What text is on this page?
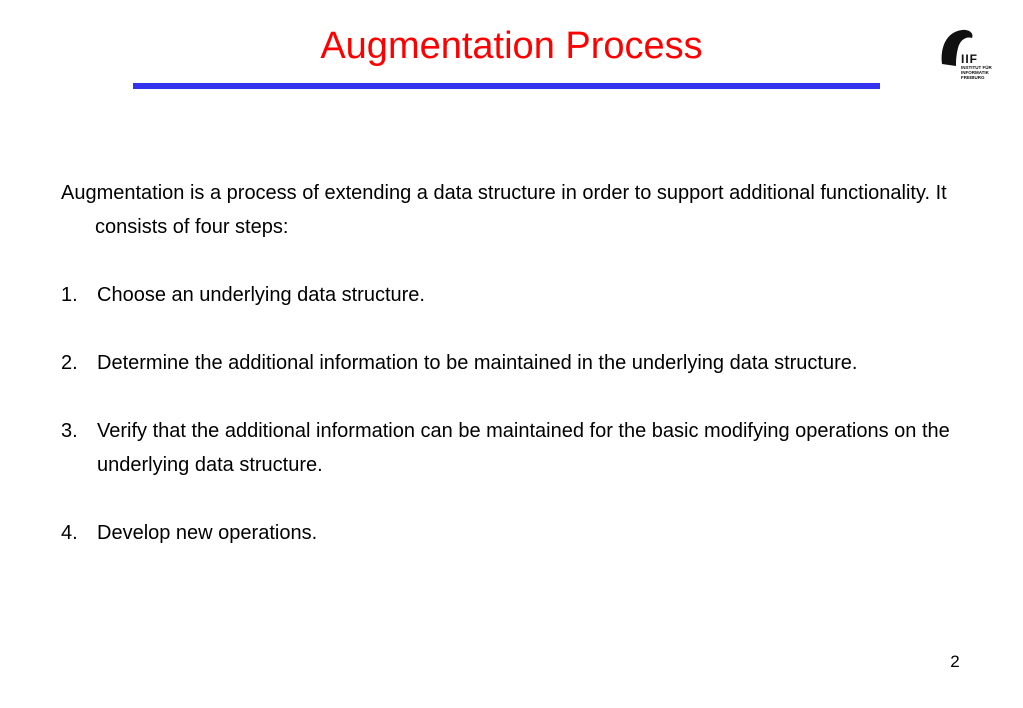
Augmentation Process	IIF
INSTITUT FÜR
INFORMATIK
FREIBURG

Augmentation is a process of extending a data structure in order to support additional functionality. It consists of four steps:

1. Choose an underlying data structure.
2. Determine the additional information to be maintained in the underlying data structure.
3. Verify that the additional information can be maintained for the basic modifying operations on the underlying data structure.
4. Develop new operations.
2
